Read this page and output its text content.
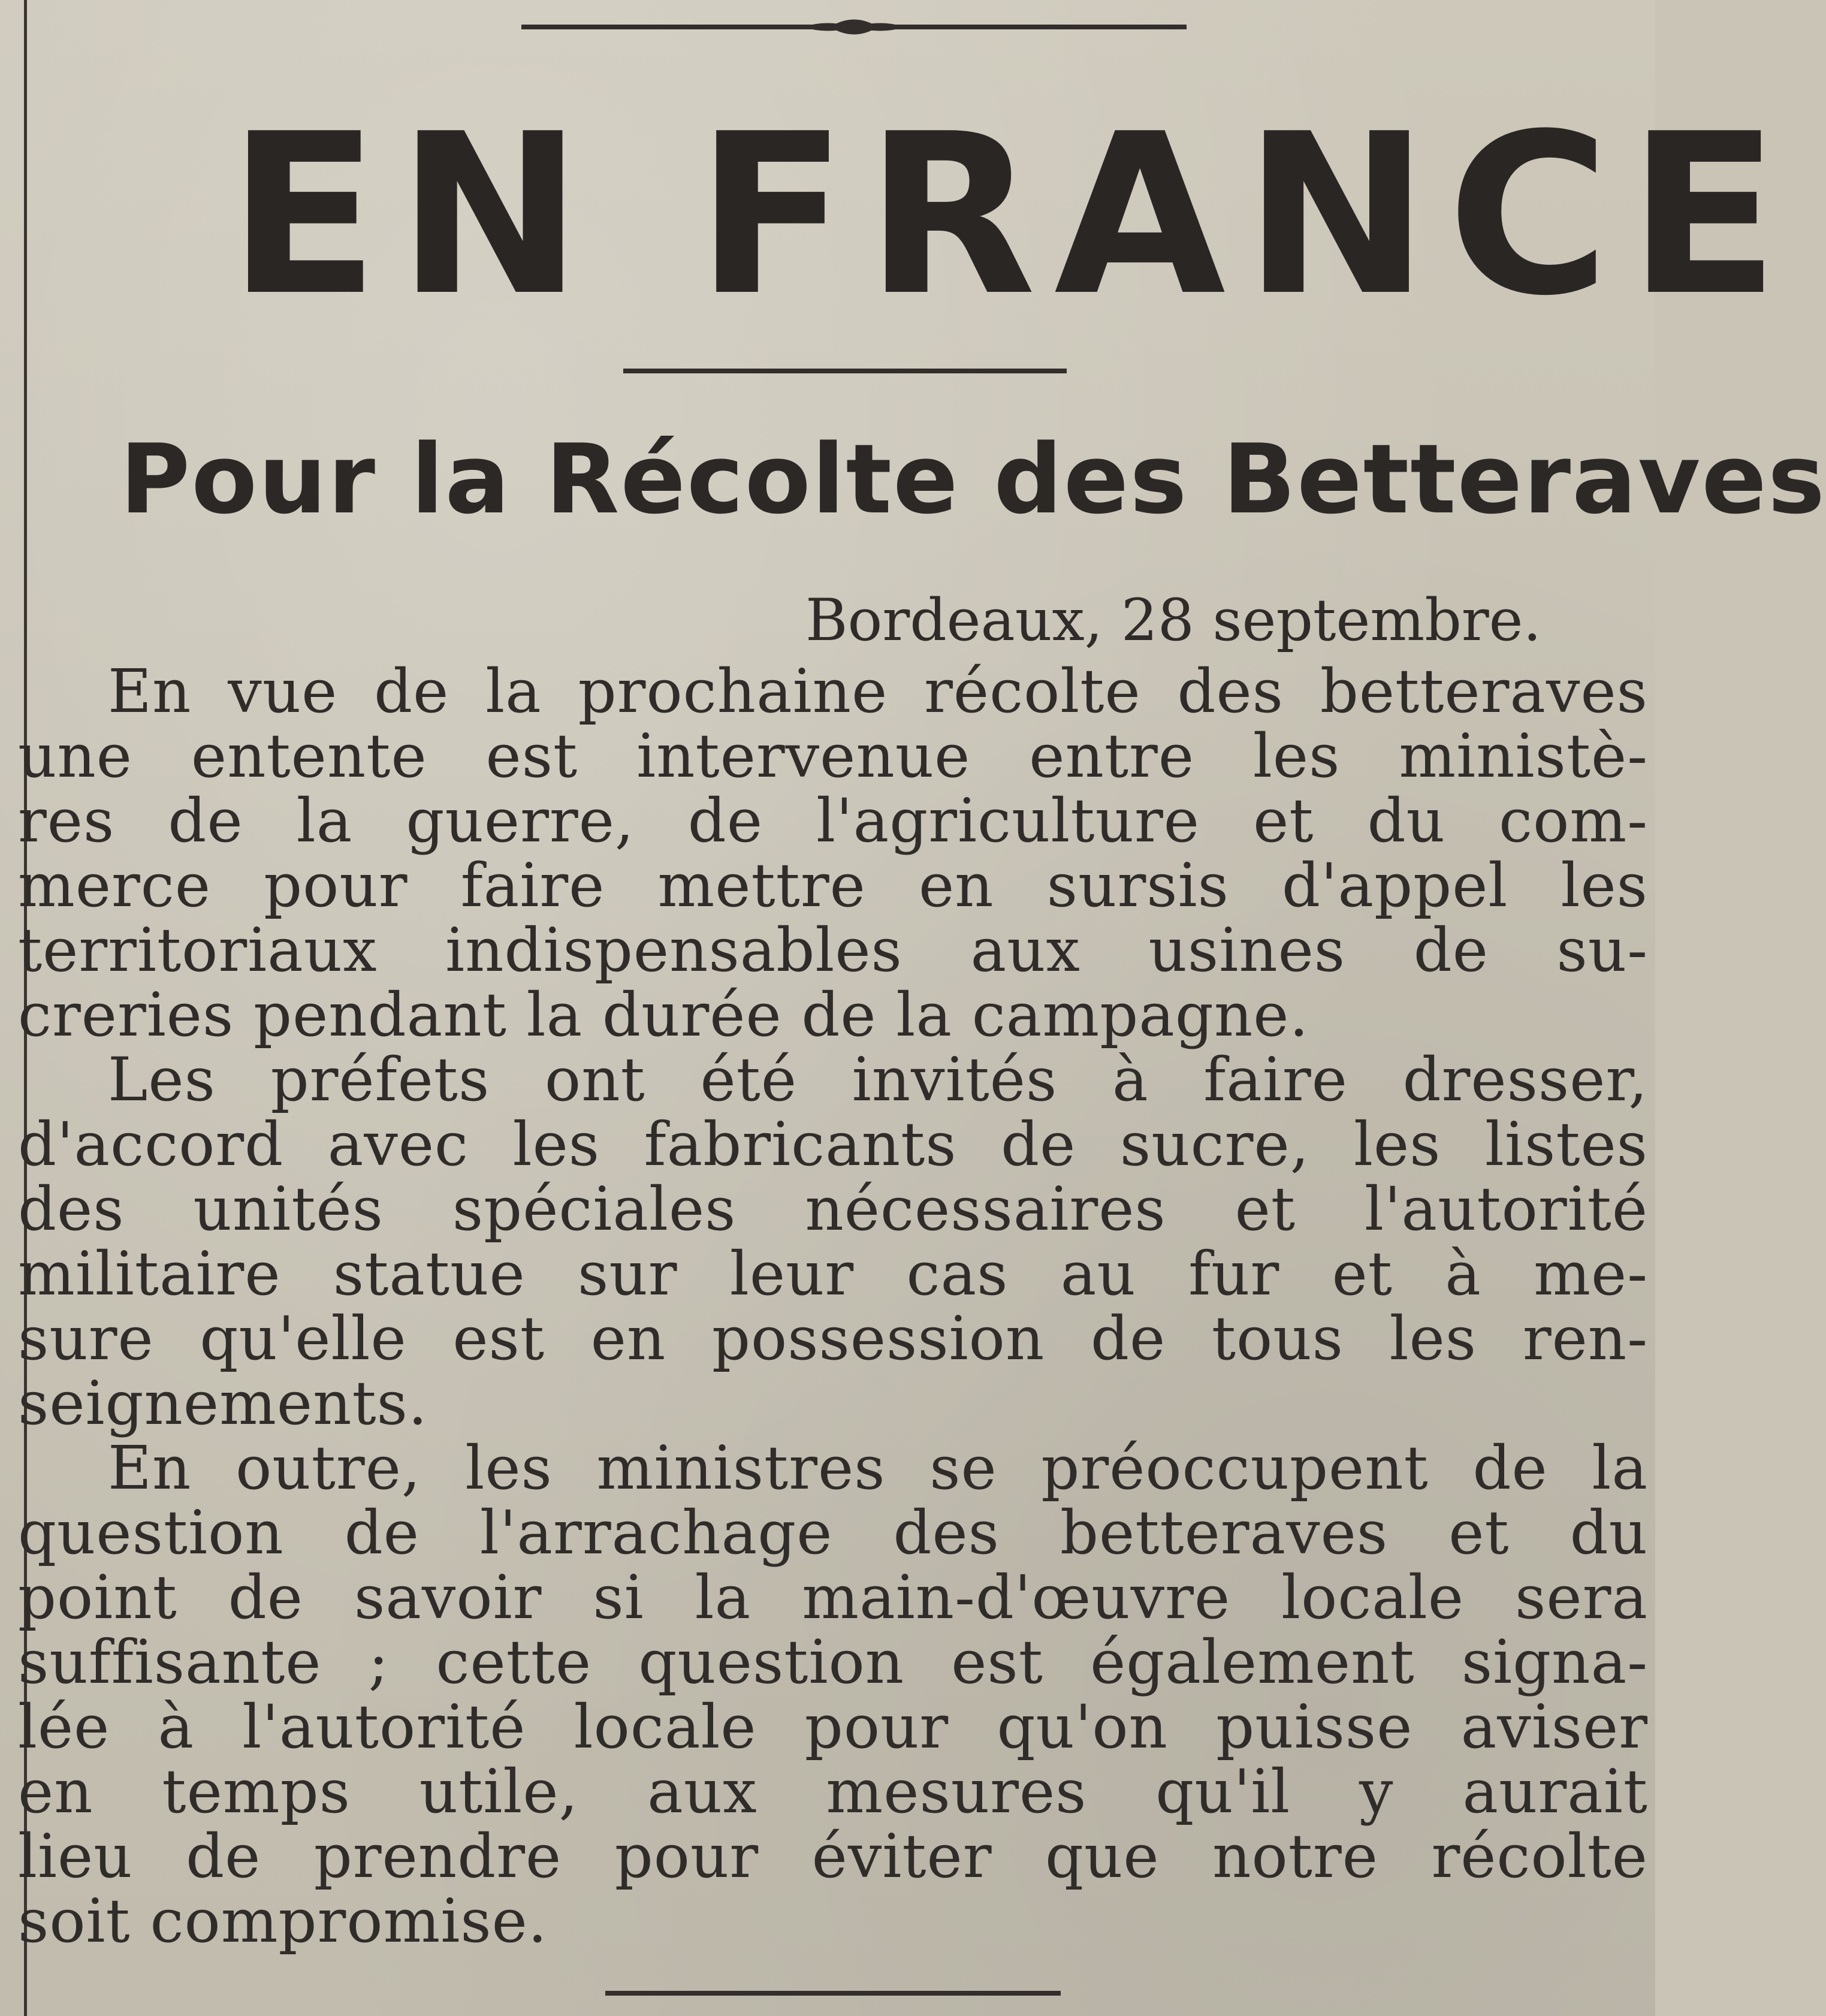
EN FRANCE
Pour la Récolte des Betteraves
Bordeaux, 28 septembre.
En vue de la prochaine récolte des betteraves
une entente est intervenue entre les ministè-
res de la guerre, de l'agriculture et du com-
merce pour faire mettre en sursis d'appel les
territoriaux indispensables aux usines de su-
creries pendant la durée de la campagne.
Les préfets ont été invités à faire dresser,
d'accord avec les fabricants de sucre, les listes
des unités spéciales nécessaires et l'autorité
militaire statue sur leur cas au fur et à me-
sure qu'elle est en possession de tous les ren-
seignements.
En outre, les ministres se préoccupent de la
question de l'arrachage des betteraves et du
point de savoir si la main-d'œuvre locale sera
suffisante ; cette question est également signa-
lée à l'autorité locale pour qu'on puisse aviser
en temps utile, aux mesures qu'il y aurait
lieu de prendre pour éviter que notre récolte
soit compromise.
